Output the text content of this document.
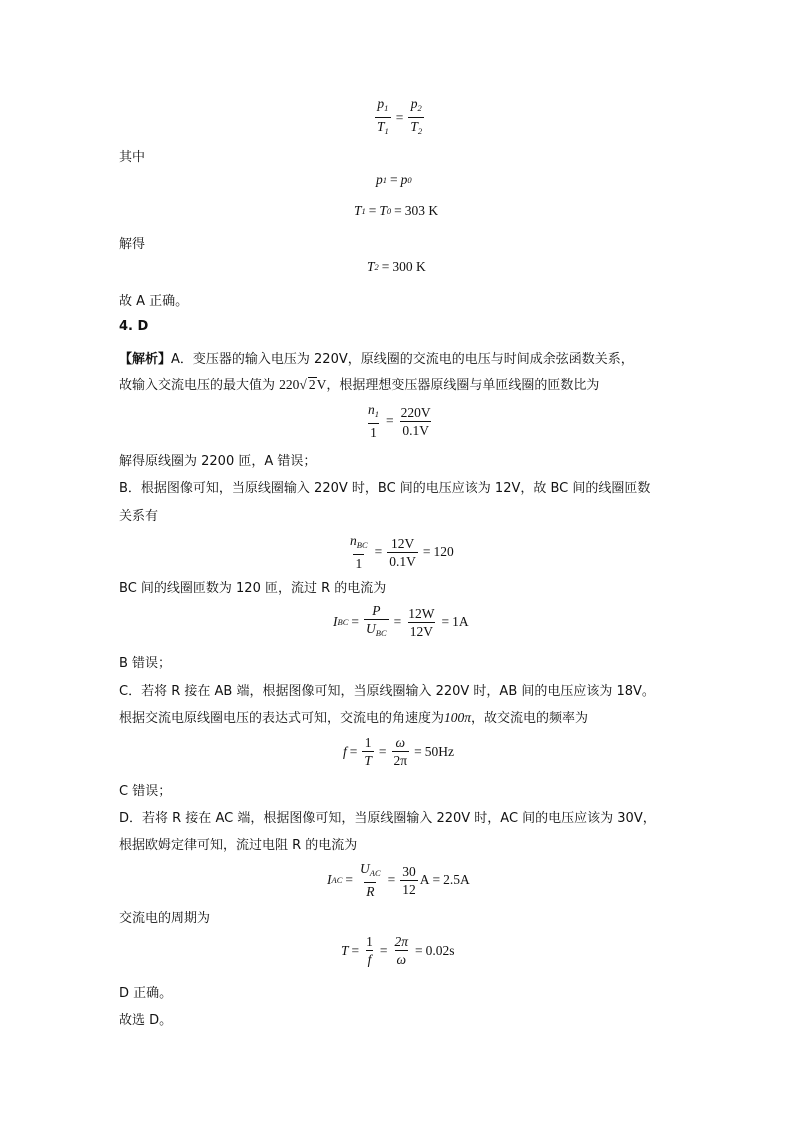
$\frac{p_1}{T_1} = \frac{p_2}{T_2}$
其中
p 1 = p 0
T 1 = T 0 = 303 K
解得
T 2 = 300 K
故 A 正确。
4. D
【解析】A．变压器的输入电压为 220V，原线圈的交流电的电压与时间成余弦函数关系，
故输入交流电压的最大值为 220√ 2V，根据理想变压器原线圈与单匝线圈的匝数比为
$\frac{n_1}{1} = \frac{220V}{0.1V}$
解得原线圈为 2200 匝，A 错误；
B．根据图像可知，当原线圈输入 220V 时，BC 间的电压应该为 12V，故 BC 间的线圈匝数
关系有
$\frac{n_{BC}}{1} = \frac{12V}{0.1V} = 120$
BC 间的线圈匝数为 120 匝，流过 R 的电流为
I BC = $\frac{P}{U_{BC}} = \frac{12W}{12V} = 1A$
B 错误；
C．若将 R 接在 AB 端，根据图像可知，当原线圈输入 220V 时，AB 间的电压应该为 18V。
根据交流电原线圈电压的表达式可知，交流电的角速度为100π，故交流电的频率为
$f = \frac{1}{T} = \frac{\omega}{2\pi} = 50Hz$
C 错误；
D．若将 R 接在 AC 端，根据图像可知，当原线圈输入 220V 时，AC 间的电压应该为 30V，
根据欧姆定律可知，流过电阻 R 的电流为
I AC = $\frac{U_{AC}}{R} = \frac{30}{12}$ A = 2.5A
交流电的周期为
$T = \frac{1}{f} = \frac{2\pi}{\omega} = 0.02s$
D 正确。
故选 D。
